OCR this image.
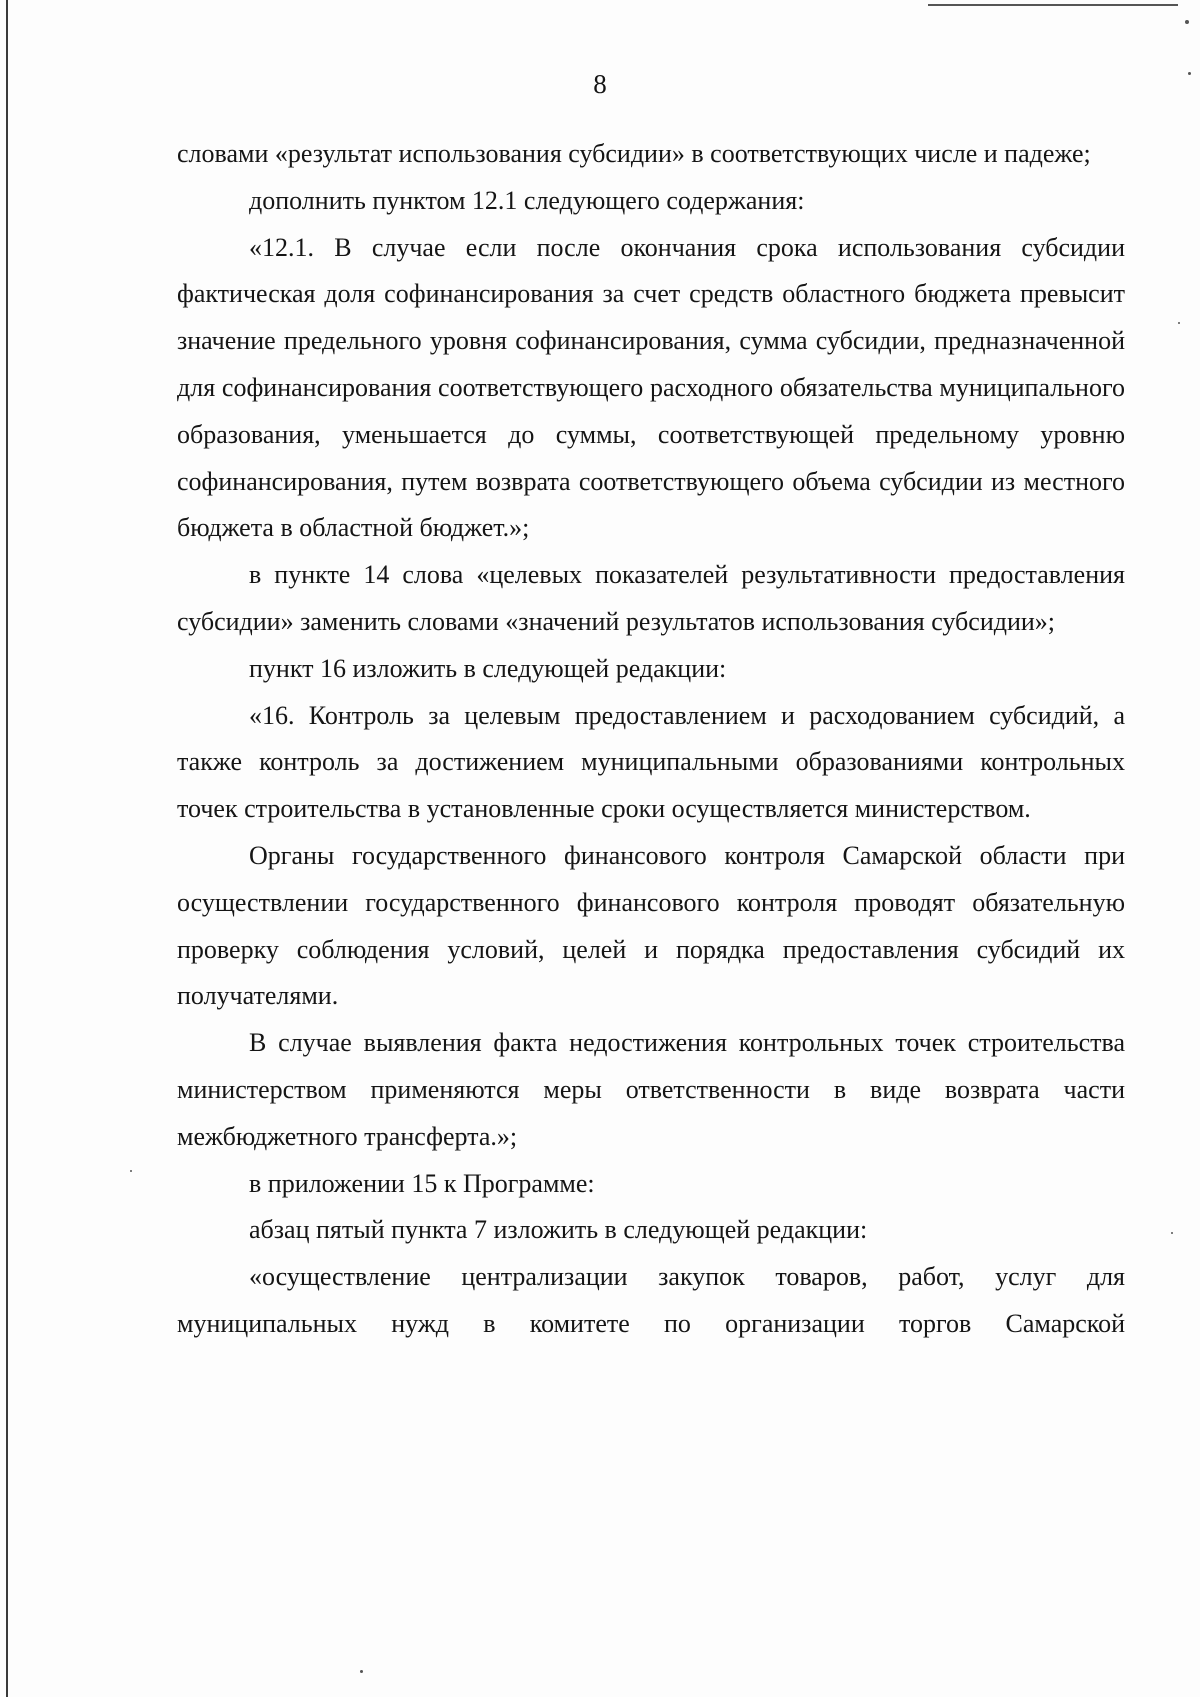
8

словами «результат использования субсидии» в соответствующих числе и падеже;

дополнить пунктом 12.1 следующего содержания:

«12.1. В случае если после окончания срока использования субсидии фактическая доля софинансирования за счет средств областного бюджета превысит значение предельного уровня софинансирования, сумма субсидии, предназначенной для софинансирования соответствующего расходного обязательства муниципального образования, уменьшается до суммы, соответствующей предельному уровню софинансирования, путем возврата соответствующего объема субсидии из местного бюджета в областной бюджет.»;

в пункте 14 слова «целевых показателей результативности предоставления субсидии» заменить словами «значений результатов использования субсидии»;

пункт 16 изложить в следующей редакции:

«16. Контроль за целевым предоставлением и расходованием субсидий, а также контроль за достижением муниципальными образованиями контрольных точек строительства в установленные сроки осуществляется министерством.

Органы государственного финансового контроля Самарской области при осуществлении государственного финансового контроля проводят обязательную проверку соблюдения условий, целей и порядка предоставления субсидий их получателями.

В случае выявления факта недостижения контрольных точек строительства министерством применяются меры ответственности в виде возврата части межбюджетного трансферта.»;

в приложении 15 к Программе:

абзац пятый пункта 7 изложить в следующей редакции:

«осуществление централизации закупок товаров, работ, услуг для муниципальных нужд в комитете по организации торгов Самарской
